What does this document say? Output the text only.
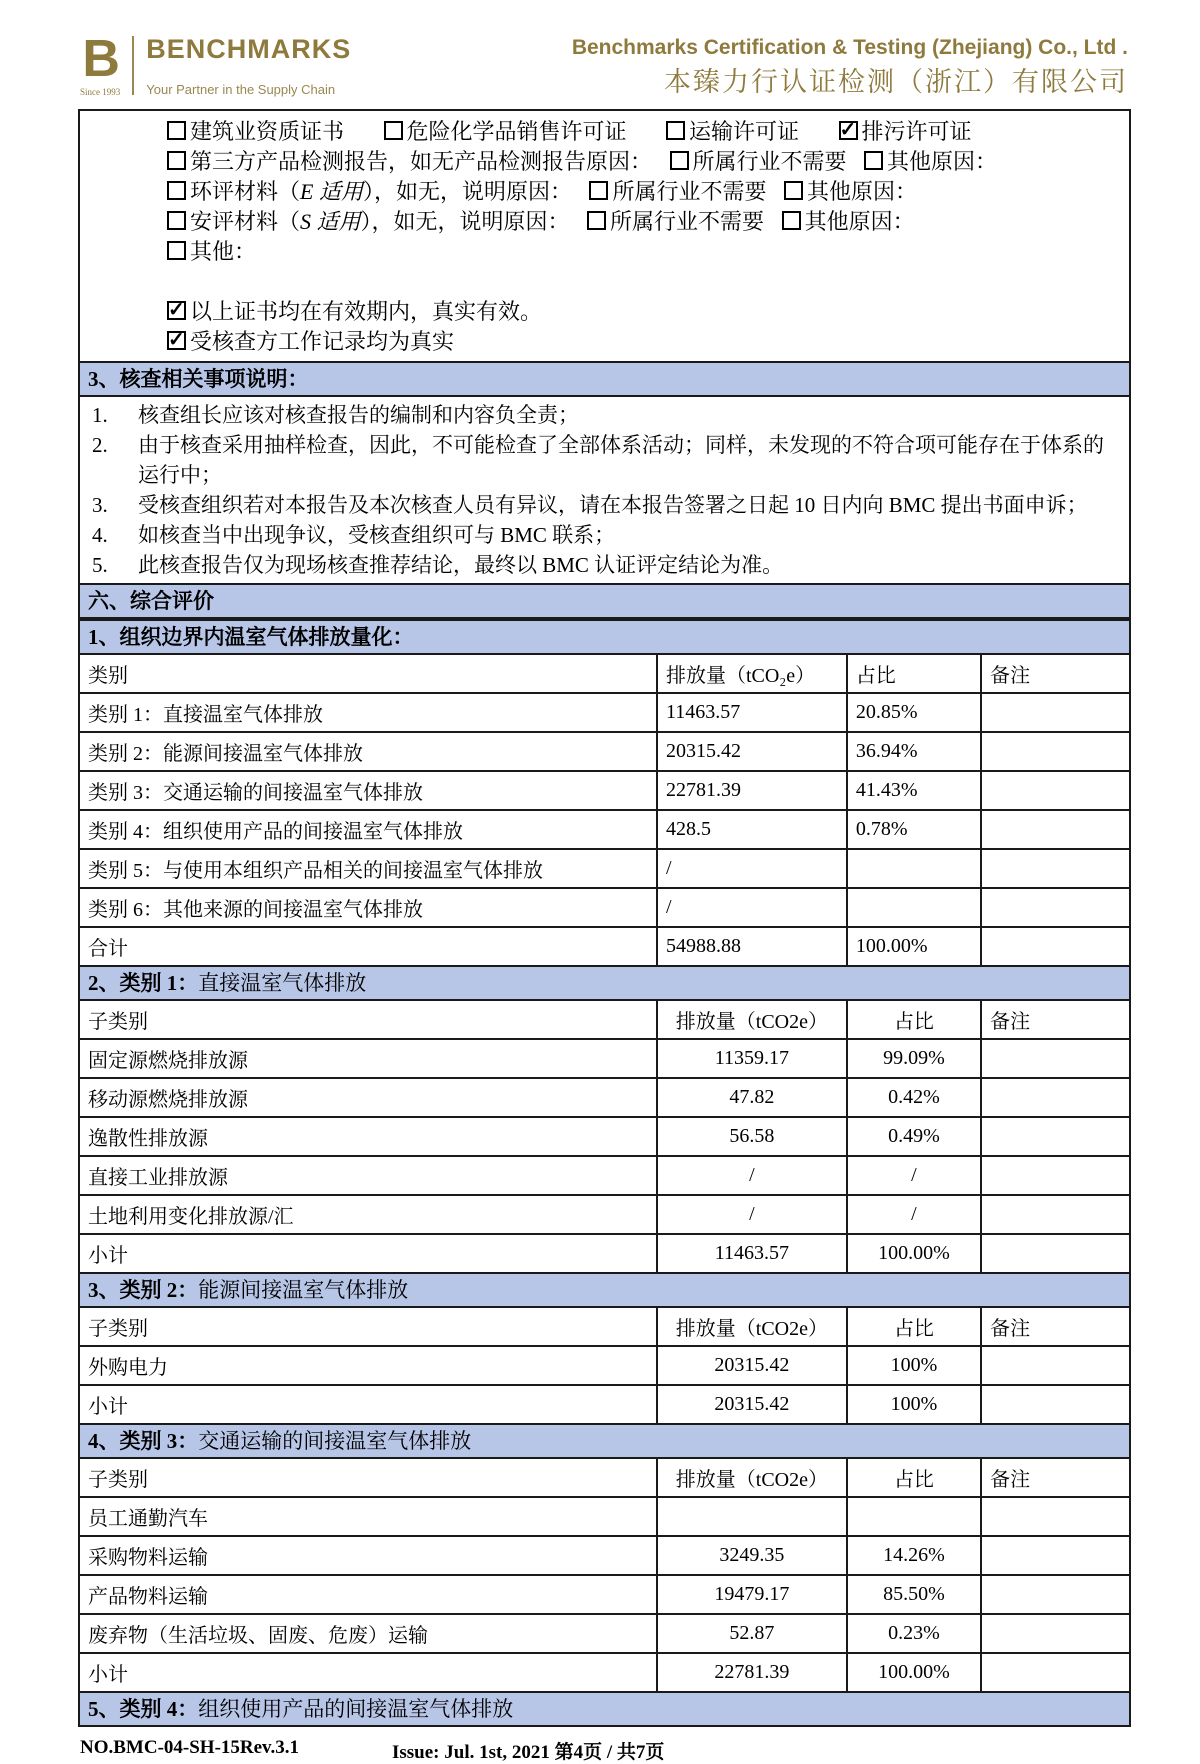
B
Since 1993
BENCHMARKS
Your Partner in the Supply Chain
Benchmarks Certification & Testing (Zhejiang) Co., Ltd .
本臻力行认证检测（浙江）有限公司
建筑业资质证书	危险化学品销售许可证	运输许可证 ✓	排污许可证
第三方产品检测报告，如无产品检测报告原因： 所属行业不需要 其他原因：
环评材料（E 适用），如无，说明原因： 所属行业不需要 其他原因：
安评材料（S 适用），如无，说明原因： 所属行业不需要 其他原因：
其他：
✓以上证书均在有效期内，真实有效。
✓受核查方工作记录均为真实
3、核查相关事项说明：
1.	核查组长应该对核查报告的编制和内容负全责；
2.	由于核查采用抽样检查，因此，不可能检查了全部体系活动；同样，未发现的不符合项可能存在于体系的运行中；
3.	受核查组织若对本报告及本次核查人员有异议，请在本报告签署之日起 10 日内向 BMC 提出书面申诉；
4.	如核查当中出现争议，受核查组织可与 BMC 联系；
5.	此核查报告仅为现场核查推荐结论，最终以 BMC 认证评定结论为准。
六、综合评价
1、组织边界内温室气体排放量化：
类别	排放量（tCO₂e）	占比	备注
类别 1：直接温室气体排放	11463.57	20.85%	
类别 2：能源间接温室气体排放	20315.42	36.94%	
类别 3：交通运输的间接温室气体排放	22781.39	41.43%	
类别 4：组织使用产品的间接温室气体排放	428.5	0.78%	
类别 5：与使用本组织产品相关的间接温室气体排放	/		
类别 6：其他来源的间接温室气体排放	/		
合计	54988.88	100.00%	
2、类别 1：直接温室气体排放
子类别	排放量（tCO2e）	占比	备注
固定源燃烧排放源	11359.17	99.09%	
移动源燃烧排放源	47.82	0.42%	
逸散性排放源	56.58	0.49%	
直接工业排放源	/	/	
土地利用变化排放源/汇	/	/	
小计	11463.57	100.00%	
3、类别 2：能源间接温室气体排放
子类别	排放量（tCO2e）	占比	备注
外购电力	20315.42	100%	
小计	20315.42	100%	
4、类别 3：交通运输的间接温室气体排放
子类别	排放量（tCO2e）	占比	备注
员工通勤汽车			
采购物料运输	3249.35	14.26%	
产品物料运输	19479.17	85.50%	
废弃物（生活垃圾、固废、危废）运输	52.87	0.23%	
小计	22781.39	100.00%	
5、类别 4：组织使用产品的间接温室气体排放
NO.BMC-04-SH-15Rev.3.1	Issue: Jul. 1st, 2021 第4页 / 共7页
